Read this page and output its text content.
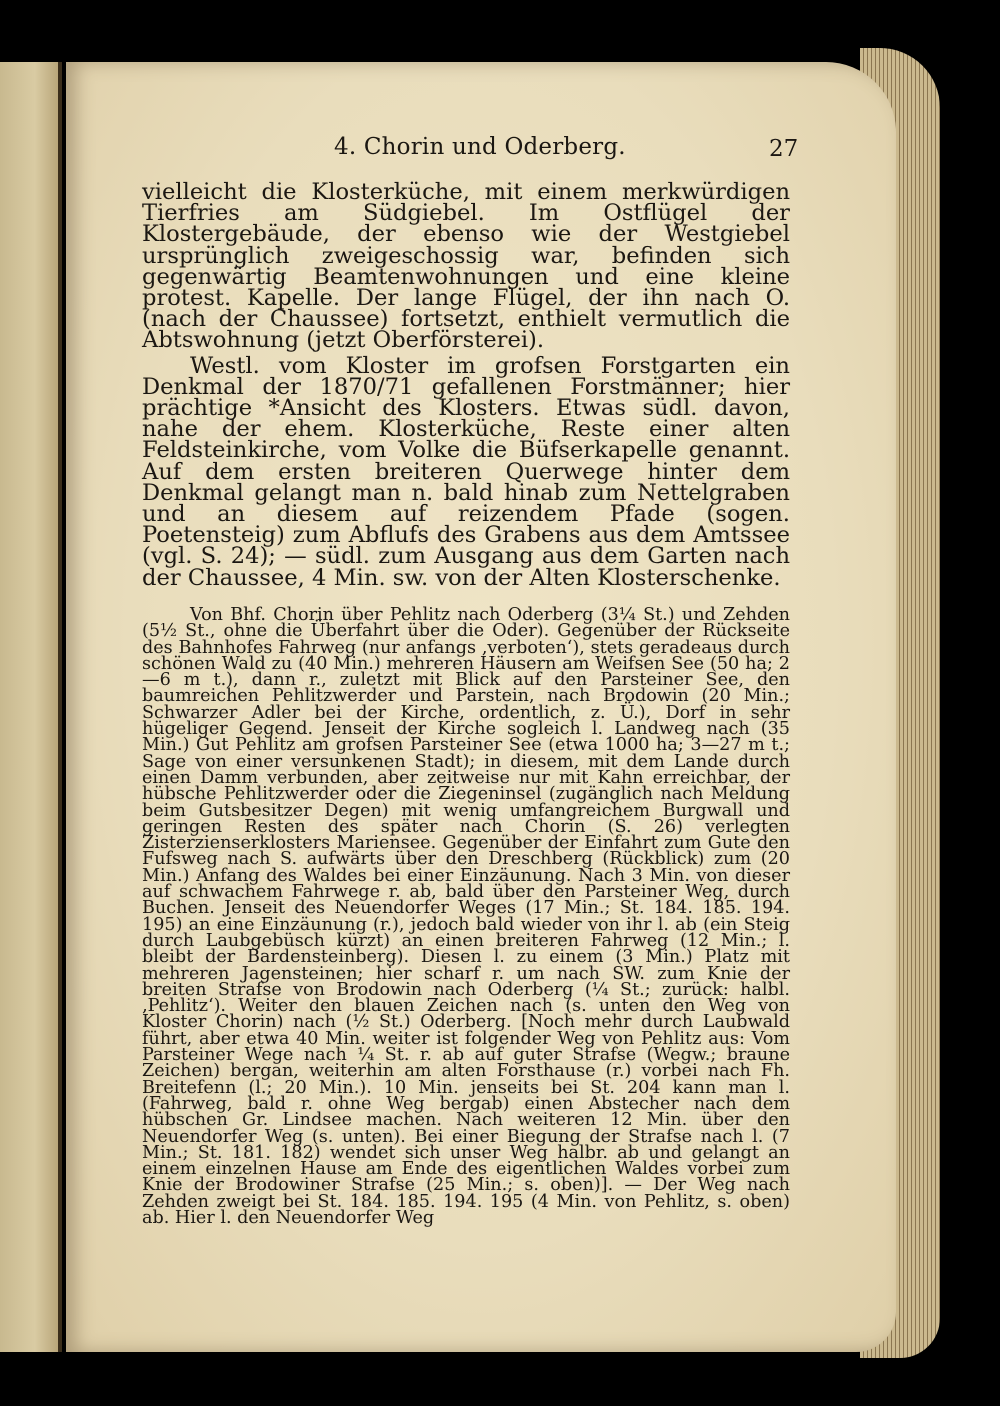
4. Chorin und Oderberg.	27

vielleicht die Klosterküche, mit einem merkwürdigen Tierfries am Südgiebel. Im Ostflügel der Klostergebäude, der ebenso wie der Westgiebel ursprünglich zweigeschossig war, befinden sich gegenwärtig Beamtenwohnungen und eine kleine protest. Kapelle. Der lange Flügel, der ihn nach O. (nach der Chaussee) fortsetzt, enthielt vermutlich die Abtswohnung (jetzt Oberförsterei).

Westl. vom Kloster im grofsen Forstgarten ein Denkmal der 1870/71 gefallenen Forstmänner; hier prächtige *Ansicht des Klosters. Etwas südl. davon, nahe der ehem. Klosterküche, Reste einer alten Feldsteinkirche, vom Volke die Büfserkapelle genannt. Auf dem ersten breiteren Querwege hinter dem Denkmal gelangt man n. bald hinab zum Nettelgraben und an diesem auf reizendem Pfade (sogen. Poetensteig) zum Abflufs des Grabens aus dem Amtssee (vgl. S. 24); — südl. zum Ausgang aus dem Garten nach der Chaussee, 4 Min. sw. von der Alten Klosterschenke.

Von Bhf. Chorin über Pehlitz nach Oderberg (3¼ St.) und Zehden (5½ St., ohne die Überfahrt über die Oder). Gegenüber der Rückseite des Bahnhofes Fahrweg (nur anfangs ‚verboten‘), stets geradeaus durch schönen Wald zu (40 Min.) mehreren Häusern am Weifsen See (50 ha; 2—6 m t.), dann r., zuletzt mit Blick auf den Parsteiner See, den baumreichen Pehlitzwerder und Parstein, nach Brodowin (20 Min.; Schwarzer Adler bei der Kirche, ordentlich, z. Ü.), Dorf in sehr hügeliger Gegend. Jenseit der Kirche sogleich l. Landweg nach (35 Min.) Gut Pehlitz am grofsen Parsteiner See (etwa 1000 ha; 3—27 m t.; Sage von einer versunkenen Stadt); in diesem, mit dem Lande durch einen Damm verbunden, aber zeitweise nur mit Kahn erreichbar, der hübsche Pehlitzwerder oder die Ziegeninsel (zugänglich nach Meldung beim Gutsbesitzer Degen) mit wenig umfangreichem Burgwall und geringen Resten des später nach Chorin (S. 26) verlegten Zisterzienserklosters Mariensee. Gegenüber der Einfahrt zum Gute den Fufsweg nach S. aufwärts über den Dreschberg (Rückblick) zum (20 Min.) Anfang des Waldes bei einer Einzäunung. Nach 3 Min. von dieser auf schwachem Fahrwege r. ab, bald über den Parsteiner Weg, durch Buchen. Jenseit des Neuendorfer Weges (17 Min.; St. 184. 185. 194. 195) an eine Einzäunung (r.), jedoch bald wieder von ihr l. ab (ein Steig durch Laubgebüsch kürzt) an einen breiteren Fahrweg (12 Min.; l. bleibt der Bardensteinberg). Diesen l. zu einem (3 Min.) Platz mit mehreren Jagensteinen; hier scharf r. um nach SW. zum Knie der breiten Strafse von Brodowin nach Oderberg (¼ St.; zurück: halbl. ‚Pehlitz‘). Weiter den blauen Zeichen nach (s. unten den Weg von Kloster Chorin) nach (½ St.) Oderberg. [Noch mehr durch Laubwald führt, aber etwa 40 Min. weiter ist folgender Weg von Pehlitz aus: Vom Parsteiner Wege nach ¼ St. r. ab auf guter Strafse (Wegw.; braune Zeichen) bergan, weiterhin am alten Forsthause (r.) vorbei nach Fh. Breitefenn (l.; 20 Min.). 10 Min. jenseits bei St. 204 kann man l. (Fahrweg, bald r. ohne Weg bergab) einen Abstecher nach dem hübschen Gr. Lindsee machen. Nach weiteren 12 Min. über den Neuendorfer Weg (s. unten). Bei einer Biegung der Strafse nach l. (7 Min.; St. 181. 182) wendet sich unser Weg halbr. ab und gelangt an einem einzelnen Hause am Ende des eigentlichen Waldes vorbei zum Knie der Brodowiner Strafse (25 Min.; s. oben)]. — Der Weg nach Zehden zweigt bei St. 184. 185. 194. 195 (4 Min. von Pehlitz, s. oben) ab. Hier l. den Neuendorfer Weg
